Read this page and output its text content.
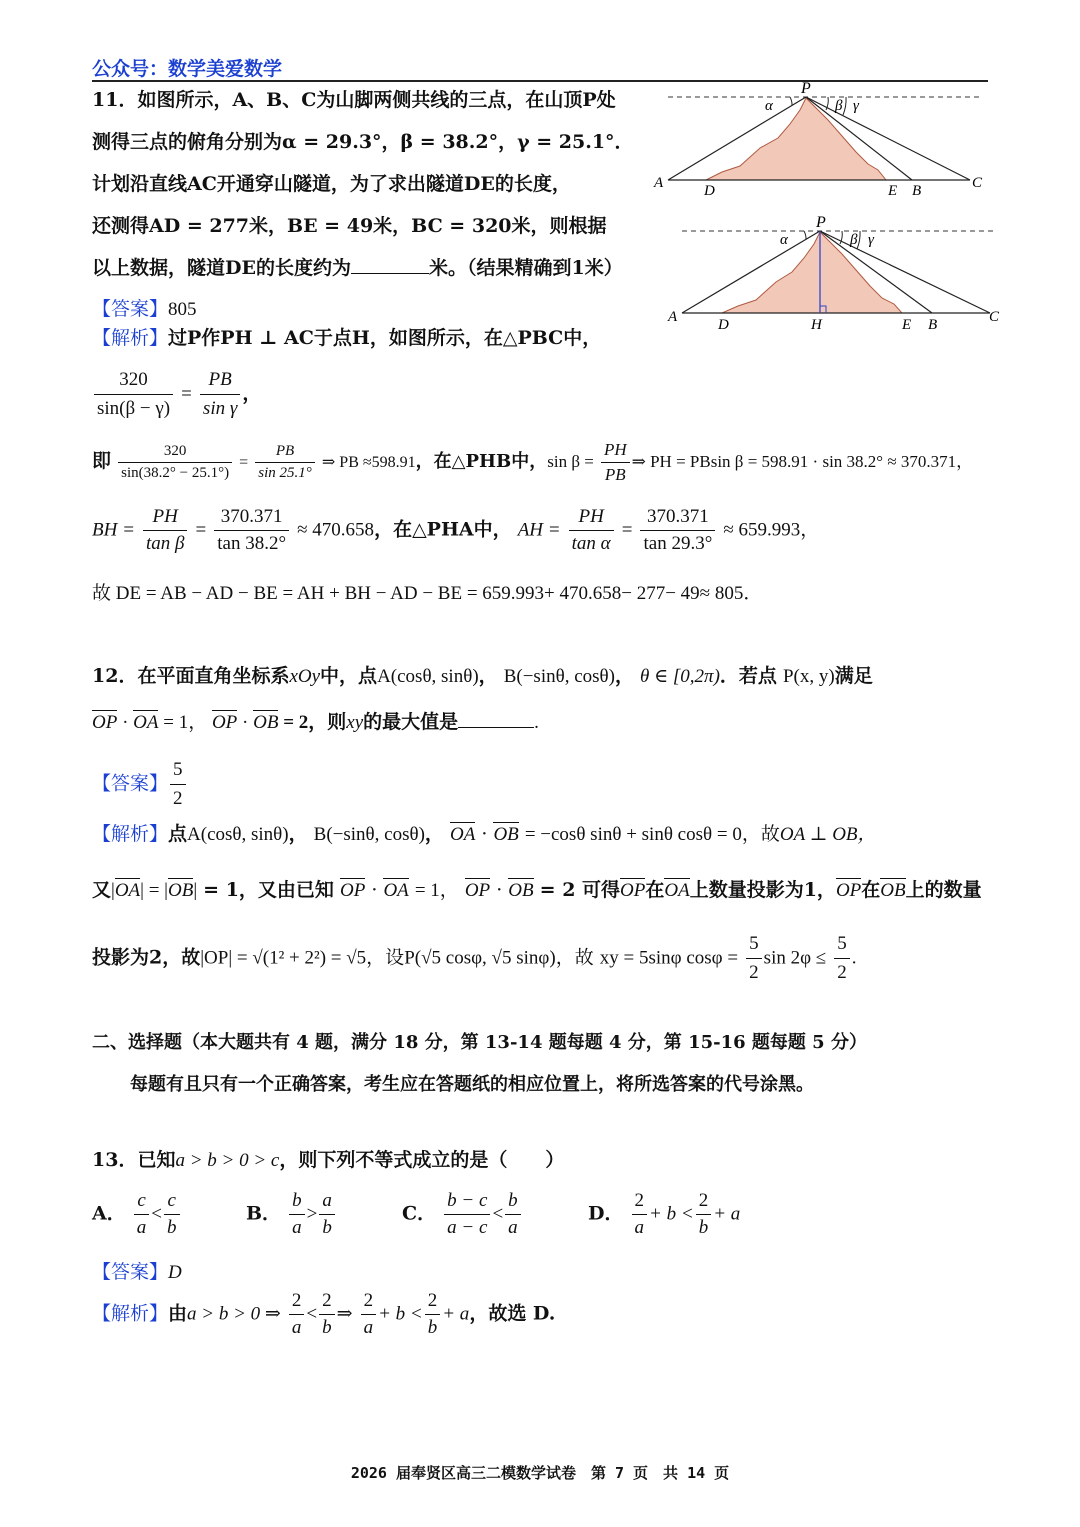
公众号：数学美爱数学
11．如图所示，A、B、C为山脚两侧共线的三点，在山顶P处
测得三点的俯角分别为α = 29.3°，β = 38.2°，γ = 25.1°．
计划沿直线AC开通穿山隧道，为了求出隧道DE的长度，
还测得AD = 277米，BE = 49米，BC = 320米，则根据
以上数据，隧道DE的长度约为	米。（结果精确到1米）
【答案】805
【解析】过P作PH ⊥ AC于点H，如图所示，在△PBC中，
$\frac{320}{\sin(\beta - \gamma)} = \frac{PB}{\text{sin γ}}$ ，
即 $\frac{320}{\sin(38.2^\circ - 25.1^\circ)} = \frac{PB}{\sin 25.1^\circ}$ ⇒ PB ≈598.91，在△PHB中，$\sin \beta = \frac{PH}{PB}$ ⇒ PH = PBsin β = 598.91 · sin 38.2° ≈ 370.371，
BH = $\frac{PH}{\text{tan β}} = \frac{370.371}{\tan 38.2^\circ} \approx 470.658$，在△PHA中， AH = $\frac{PH}{\text{tan α}} = \frac{370.371}{\tan 29.3^\circ} \approx 659.993$，
故 DE = AB − AD − BE = AH + BH − AD − BE = 659.993+ 470.658− 277− 49≈ 805．
P
α	β γ
A	D	E B	C
P
α	β γ
A	D	H	E B	C
12．在平面直角坐标系xOy中，点A(cosθ, sinθ)， B(−sinθ, cosθ)， θ ∈ [0,2π)．若点 P(x, y)满足
OP · OA = 1， OP · OB = 2，则xy的最大值是	.
【答案】 $\frac{5}{2}$
【解析】点A(cosθ, sinθ)， B(−sinθ, cosθ)， OA · OB = −cosθ sinθ + sinθ cosθ = 0，故OA ⊥ OB，
又|OA| = |OB| = 1，又由已知 OP · OA = 1， OP · OB = 2 可得OP在OA上数量投影为1，OP在OB上的数量
投影为2，故|OP| = √(1² + 2²) = √5，设P(√5 cosφ, √5 sinφ)，故 xy = 5sinφ $\cos\varphi = \frac{5}{2}$ $\sin 2\varphi \le \frac{5}{2}$ .
二、选择题（本大题共有 4 题，满分 18 分，第 13-14 题每题 4 分，第 15-16 题每题 5 分）
每题有且只有一个正确答案，考生应在答题纸的相应位置上，将所选答案的代号涂黑。
13．已知a > b > 0 > c，则下列不等式成立的是（　　）
A． $\frac{c}{a} < \frac{c}{b}$	B． $\frac{b}{a} > \frac{a}{b}$	C． $\frac{b - c}{a - c} < \frac{b}{a}$	D． $\frac{2}{a} + b < \frac{2}{b} + a$
【答案】D
【解析】由a > b > 0 ⇒ $\frac{2}{a} < \frac{2}{b}$ ⇒ $\frac{2}{a} + b < \frac{2}{b} + a$，故选 D.
2026 届奉贤区高三二模数学试卷　第 7 页　共 14 页
